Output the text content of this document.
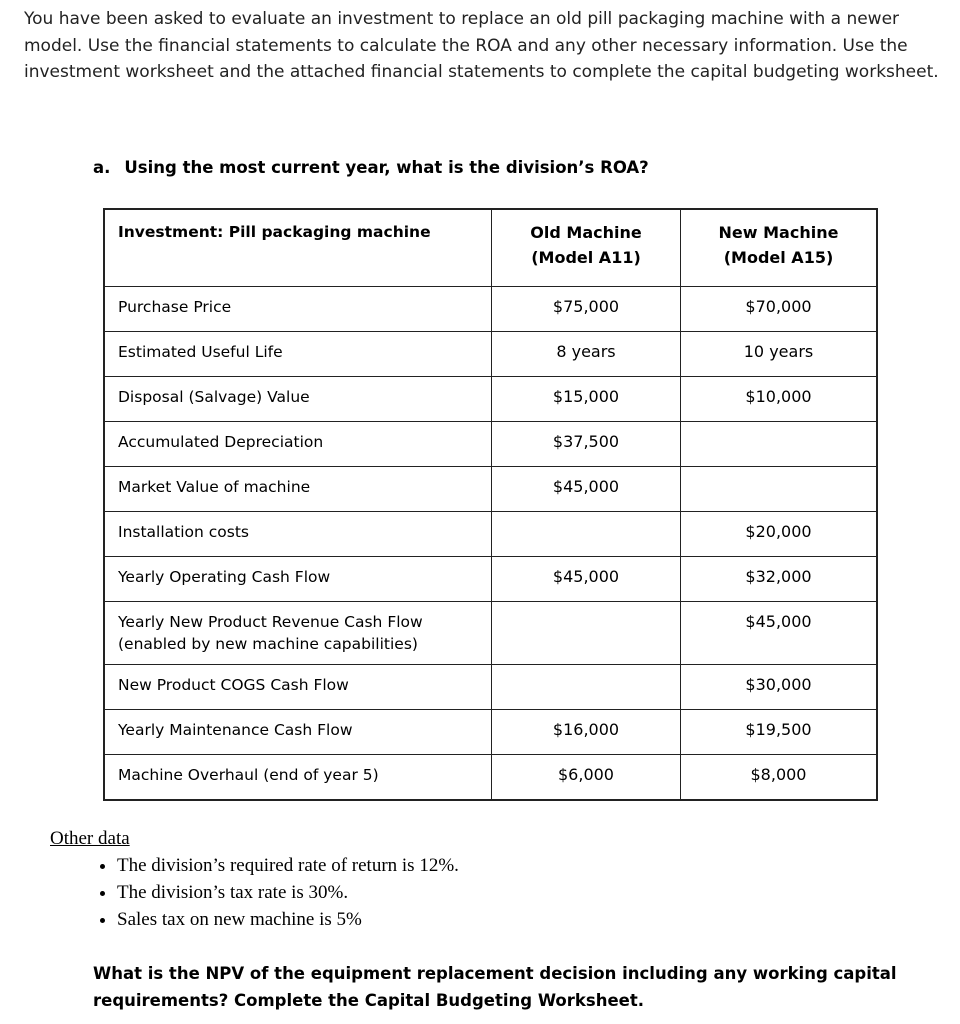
You have been asked to evaluate an investment to replace an old pill packaging machine with a newer model. Use the financial statements to calculate the ROA and any other necessary information. Use the investment worksheet and the attached financial statements to complete the capital budgeting worksheet.
a. Using the most current year, what is the division’s ROA?
Investment: Pill packaging machine	Old Machine (Model A11)	New Machine (Model A15)
Purchase Price	$75,000	$70,000
Estimated Useful Life	8 years	10 years
Disposal (Salvage) Value	$15,000	$10,000
Accumulated Depreciation	$37,500	
Market Value of machine	$45,000	
Installation costs		$20,000
Yearly Operating Cash Flow	$45,000	$32,000
Yearly New Product Revenue Cash Flow (enabled by new machine capabilities)		$45,000
New Product COGS Cash Flow		$30,000
Yearly Maintenance Cash Flow	$16,000	$19,500
Machine Overhaul (end of year 5)	$6,000	$8,000
Other data
• The division’s required rate of return is 12%.
• The division’s tax rate is 30%.
• Sales tax on new machine is 5%
What is the NPV of the equipment replacement decision including any working capital requirements? Complete the Capital Budgeting Worksheet.
